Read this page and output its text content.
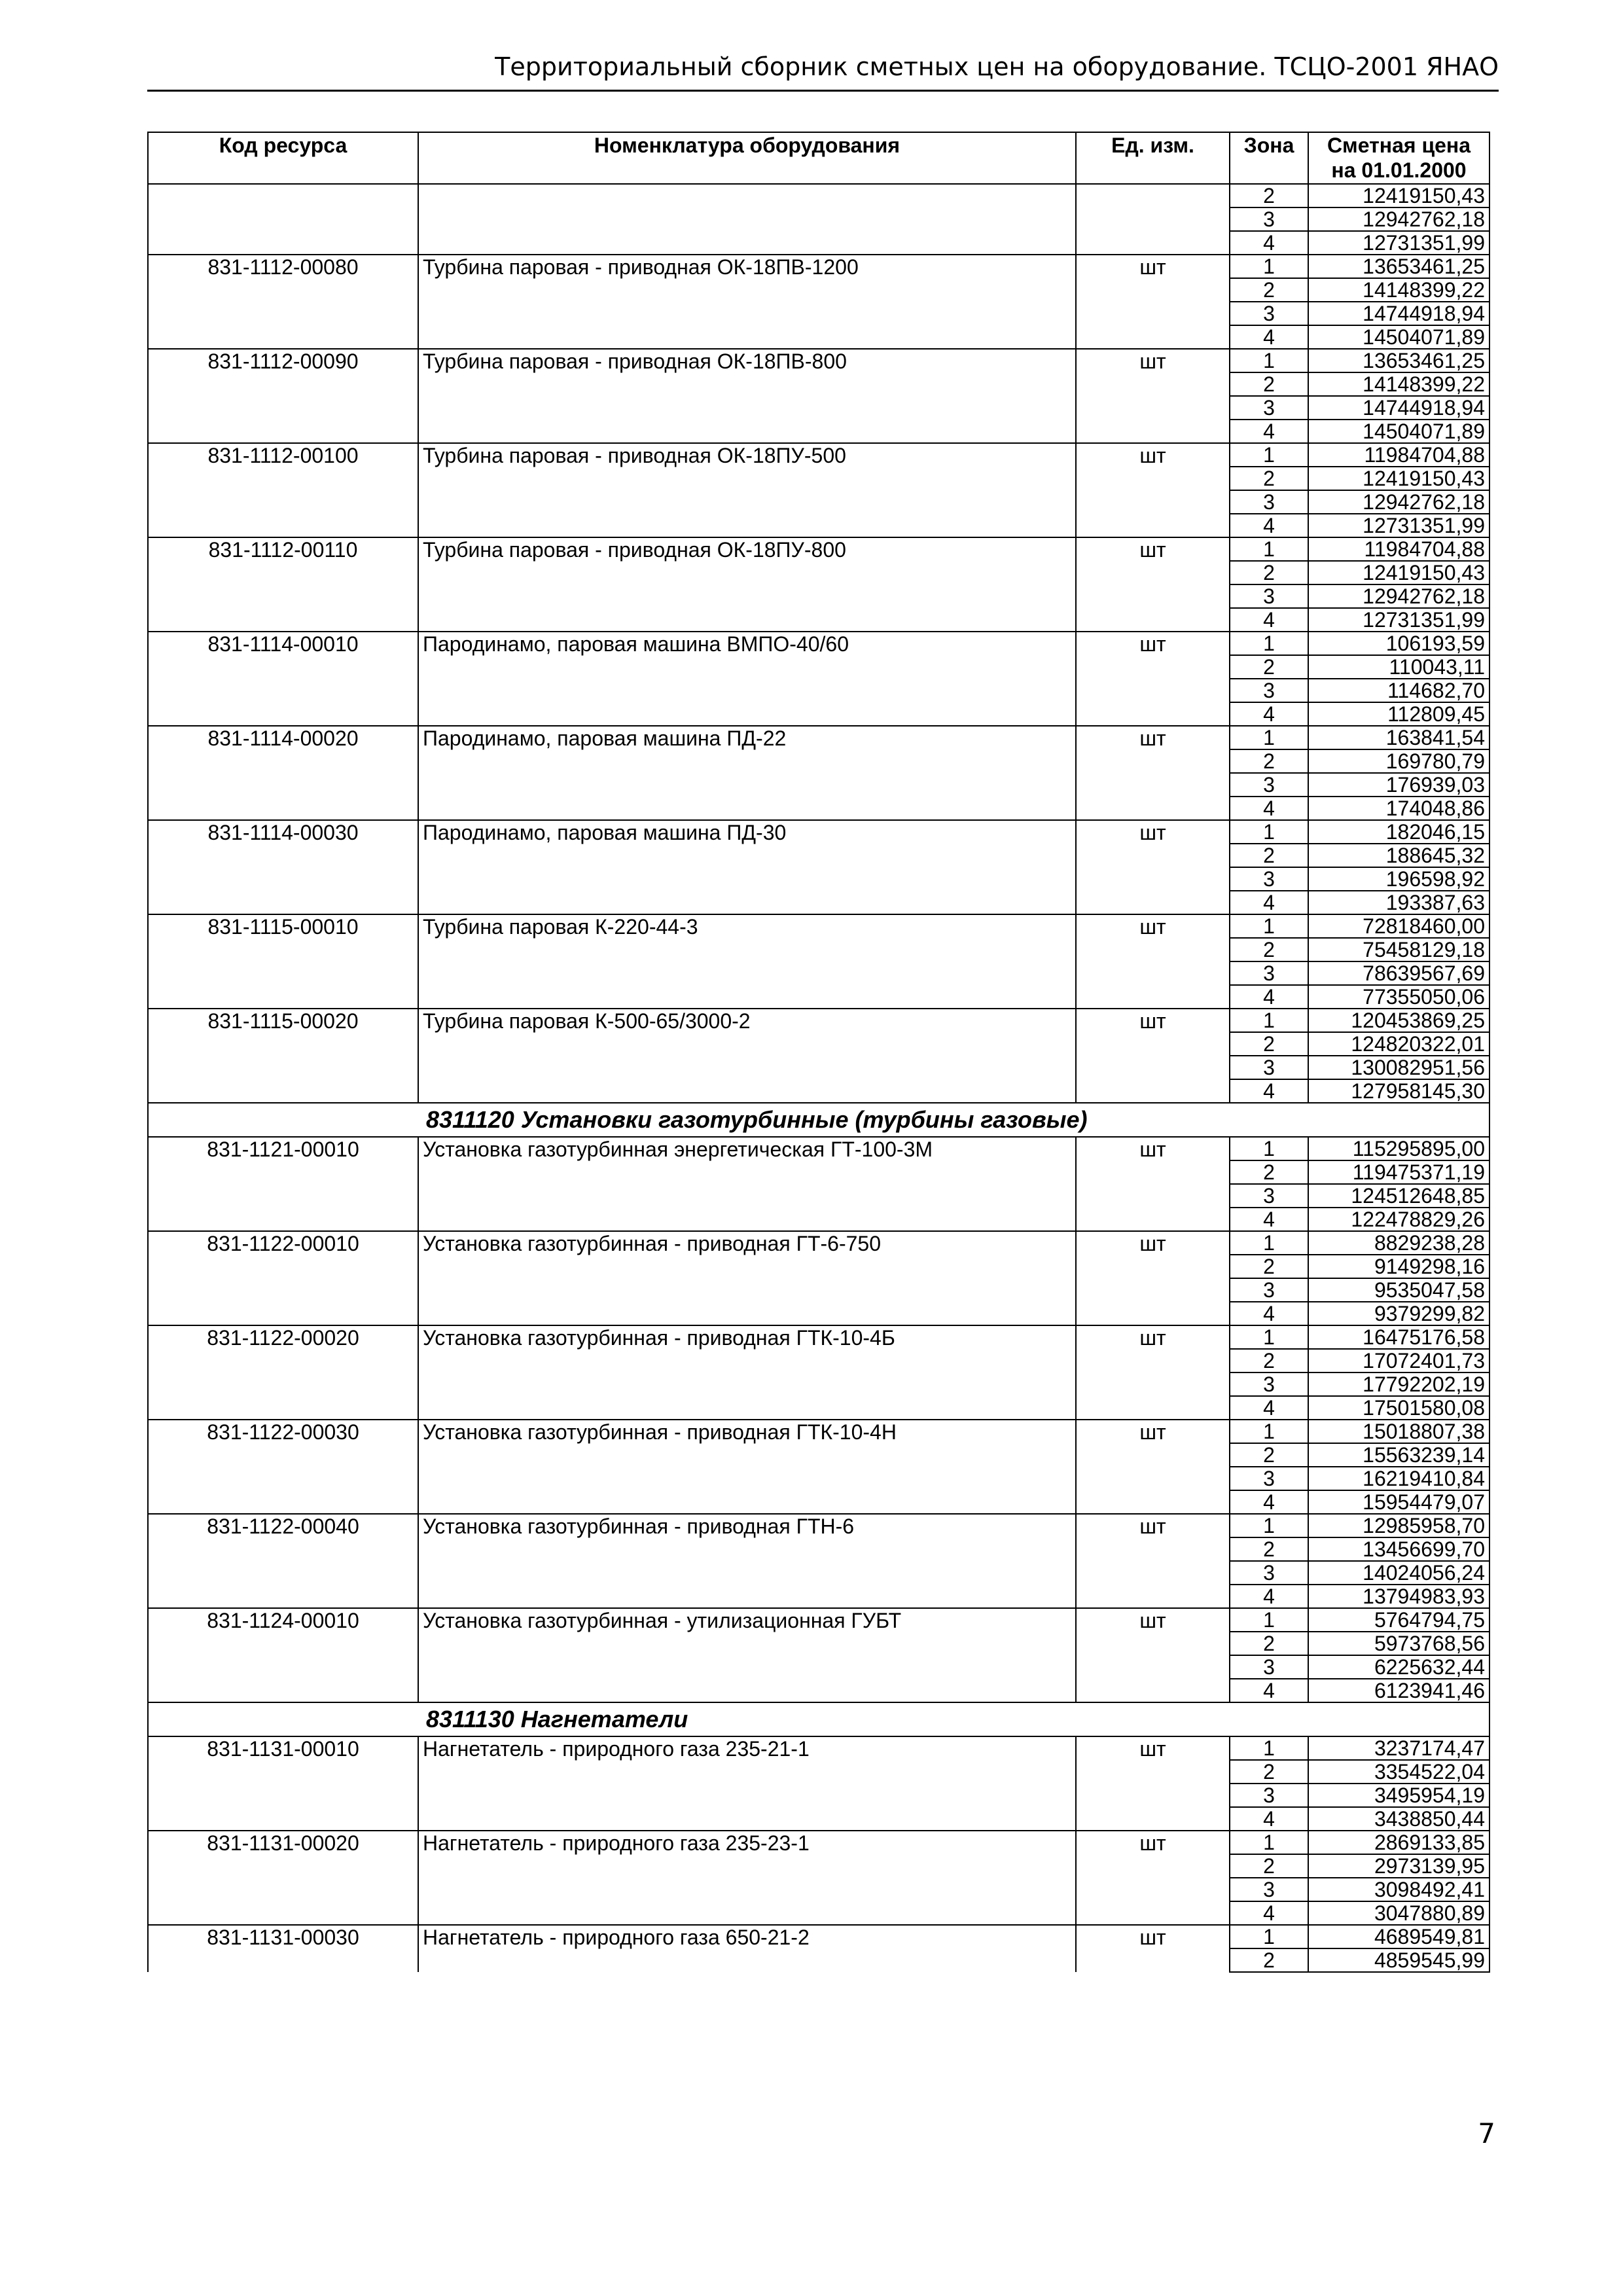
Территориальный сборник сметных цен на оборудование. ТСЦО-2001 ЯНАО
Код ресурса	Номенклатура оборудования	Ед. изм.	Зона	Сметная цена
на 01.01.2000

			2	12419150,43
			3	12942762,18
			4	12731351,99
831-1112-00080	Турбина паровая - приводная ОК-18ПВ-1200	шт	1	13653461,25
			2	14148399,22
			3	14744918,94
			4	14504071,89
831-1112-00090	Турбина паровая - приводная ОК-18ПВ-800	шт	1	13653461,25
			2	14148399,22
			3	14744918,94
			4	14504071,89
831-1112-00100	Турбина паровая - приводная ОК-18ПУ-500	шт	1	11984704,88
			2	12419150,43
			3	12942762,18
			4	12731351,99
831-1112-00110	Турбина паровая - приводная ОК-18ПУ-800	шт	1	11984704,88
			2	12419150,43
			3	12942762,18
			4	12731351,99
831-1114-00010	Пародинамо, паровая машина ВМПО-40/60	шт	1	106193,59
			2	110043,11
			3	114682,70
			4	112809,45
831-1114-00020	Пародинамо, паровая машина ПД-22	шт	1	163841,54
			2	169780,79
			3	176939,03
			4	174048,86
831-1114-00030	Пародинамо, паровая машина ПД-30	шт	1	182046,15
			2	188645,32
			3	196598,92
			4	193387,63
831-1115-00010	Турбина паровая К-220-44-3	шт	1	72818460,00
			2	75458129,18
			3	78639567,69
			4	77355050,06
831-1115-00020	Турбина паровая К-500-65/3000-2	шт	1	120453869,25
			2	124820322,01
			3	130082951,56
			4	127958145,30
	8311120 Установки газотурбинные (турбины газовые)			
831-1121-00010	Установка газотурбинная энергетическая ГТ-100-3М	шт	1	115295895,00
			2	119475371,19
			3	124512648,85
			4	122478829,26
831-1122-00010	Установка газотурбинная - приводная ГТ-6-750	шт	1	8829238,28
			2	9149298,16
			3	9535047,58
			4	9379299,82
831-1122-00020	Установка газотурбинная - приводная ГТК-10-4Б	шт	1	16475176,58
			2	17072401,73
			3	17792202,19
			4	17501580,08
831-1122-00030	Установка газотурбинная - приводная ГТК-10-4Н	шт	1	15018807,38
			2	15563239,14
			3	16219410,84
			4	15954479,07
831-1122-00040	Установка газотурбинная - приводная ГТН-6	шт	1	12985958,70
			2	13456699,70
			3	14024056,24
			4	13794983,93
831-1124-00010	Установка газотурбинная - утилизационная ГУБТ	шт	1	5764794,75
			2	5973768,56
			3	6225632,44
			4	6123941,46
	8311130 Нагнетатели			
831-1131-00010	Нагнетатель - природного газа 235-21-1	шт	1	3237174,47
			2	3354522,04
			3	3495954,19
			4	3438850,44
831-1131-00020	Нагнетатель - природного газа 235-23-1	шт	1	2869133,85
			2	2973139,95
			3	3098492,41
			4	3047880,89
831-1131-00030	Нагнетатель - природного газа 650-21-2	шт	1	4689549,81
			2	4859545,99
7
